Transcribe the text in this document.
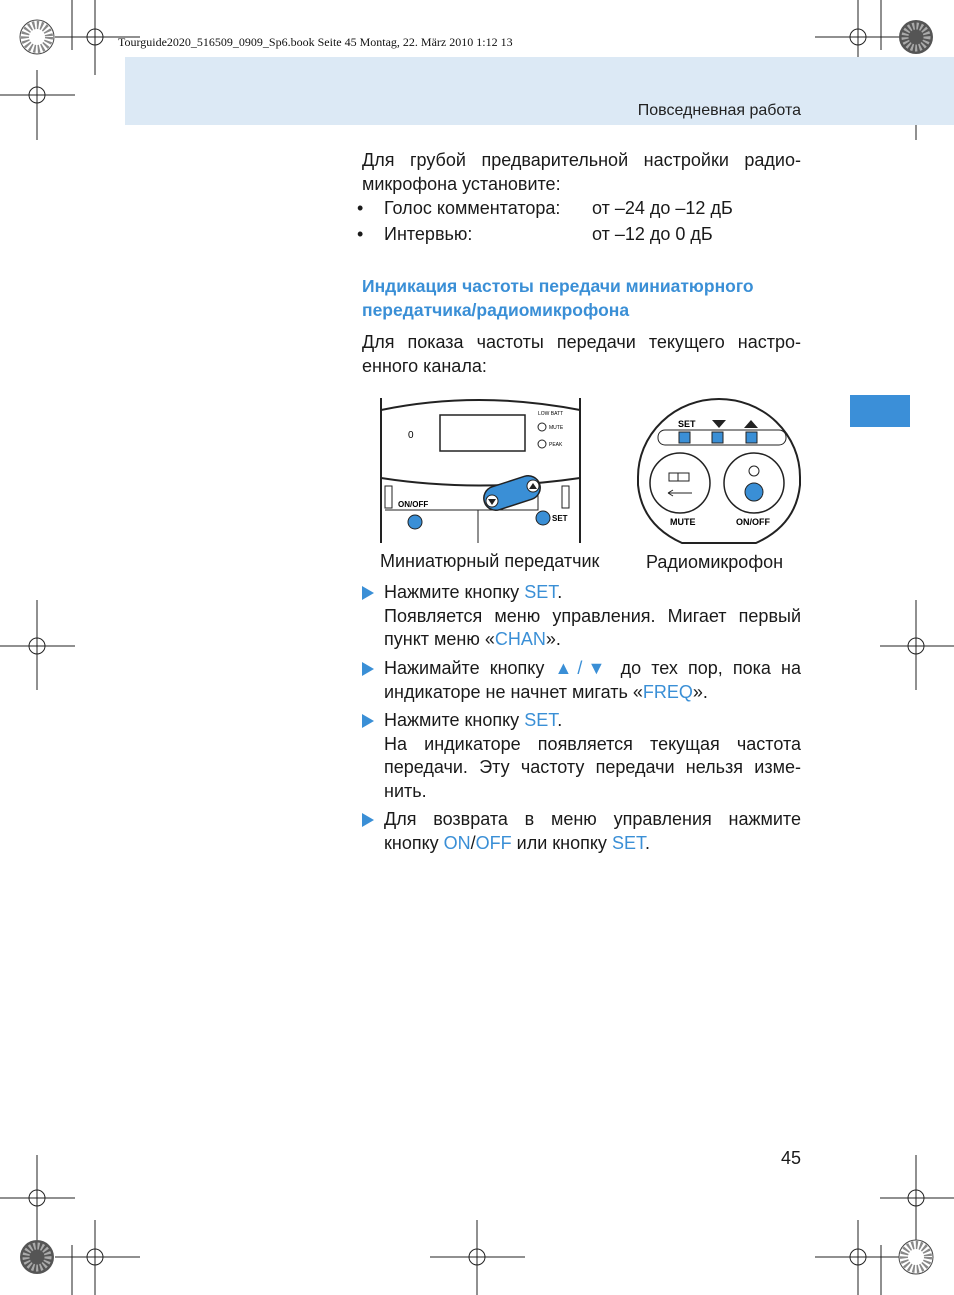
Tourguide2020_516509_0909_Sp6.book Seite 45 Montag, 22. März 2010 1:12 13
Повседневная работа
Для грубой предварительной настройки радио-микрофона установите:
• Голос комментатора: от –24 до –12 дБ
• Интервью:	от –12 до 0 дБ
Индикация частоты передачи миниатюрного передатчика/радиомикрофона
Для показа частоты передачи текущего настро-енного канала:
0
LOW BATT
MUTE
PEAK
ON/OFF
SET
SET
MUTE	ON/OFF
Миниатюрный передатчик	Радиомикрофон
Нажмите кнопку SET.
Появляется меню управления. Мигает первый пункт меню «CHAN».
Нажимайте кнопку ▲/▼ до тех пор, пока на индикаторе не начнет мигать «FREQ».
Нажмите кнопку SET.
На индикаторе появляется текущая частота передачи. Эту частоту передачи нельзя изме-нить.
Для возврата в меню управления нажмите кнопку ON/OFF или кнопку SET.
45
